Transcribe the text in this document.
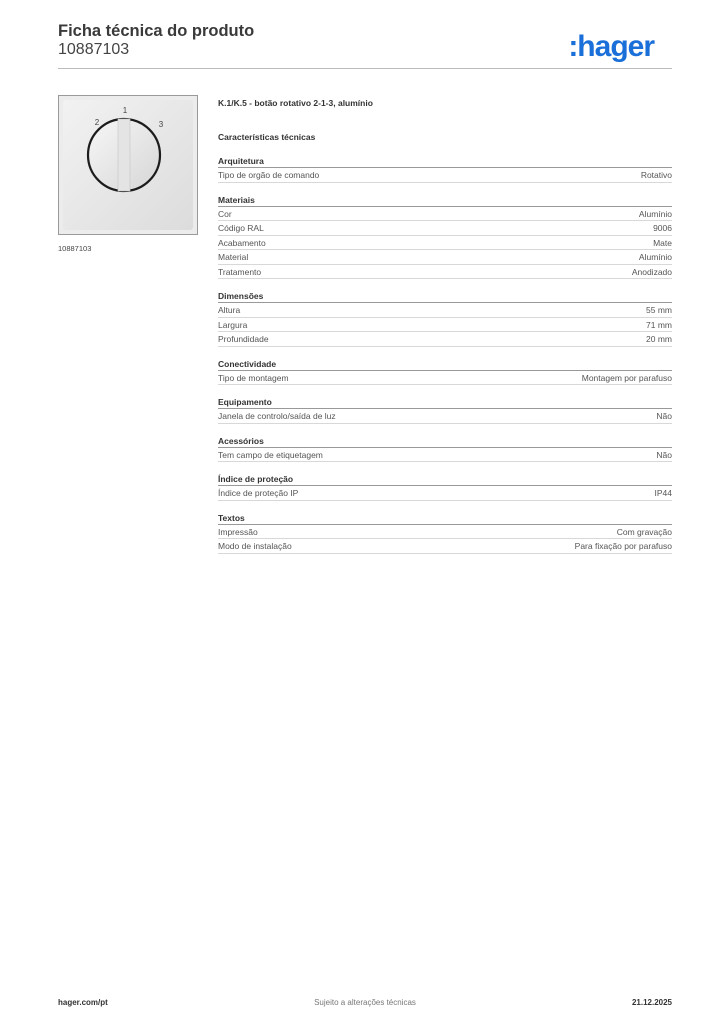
Ficha técnica do produto
10887103	:hager
1
2	3
10887103
K.1/K.5 - botão rotativo 2-1-3, alumínio
Características técnicas
Arquitetura
Tipo de orgão de comando	Rotativo
Materiais
Cor	Alumínio
Código RAL	9006
Acabamento	Mate
Material	Alumínio
Tratamento	Anodizado
Dimensões
Altura	55 mm
Largura	71 mm
Profundidade	20 mm
Conectividade
Tipo de montagem	Montagem por parafuso
Equipamento
Janela de controlo/saída de luz	Não
Acessórios
Tem campo de etiquetagem	Não
Índice de proteção
Índice de proteção IP	IP44
Textos
Impressão	Com gravação
Modo de instalação	Para fixação por parafuso
hager.com/pt	Sujeito a alterações técnicas	21.12.2025
